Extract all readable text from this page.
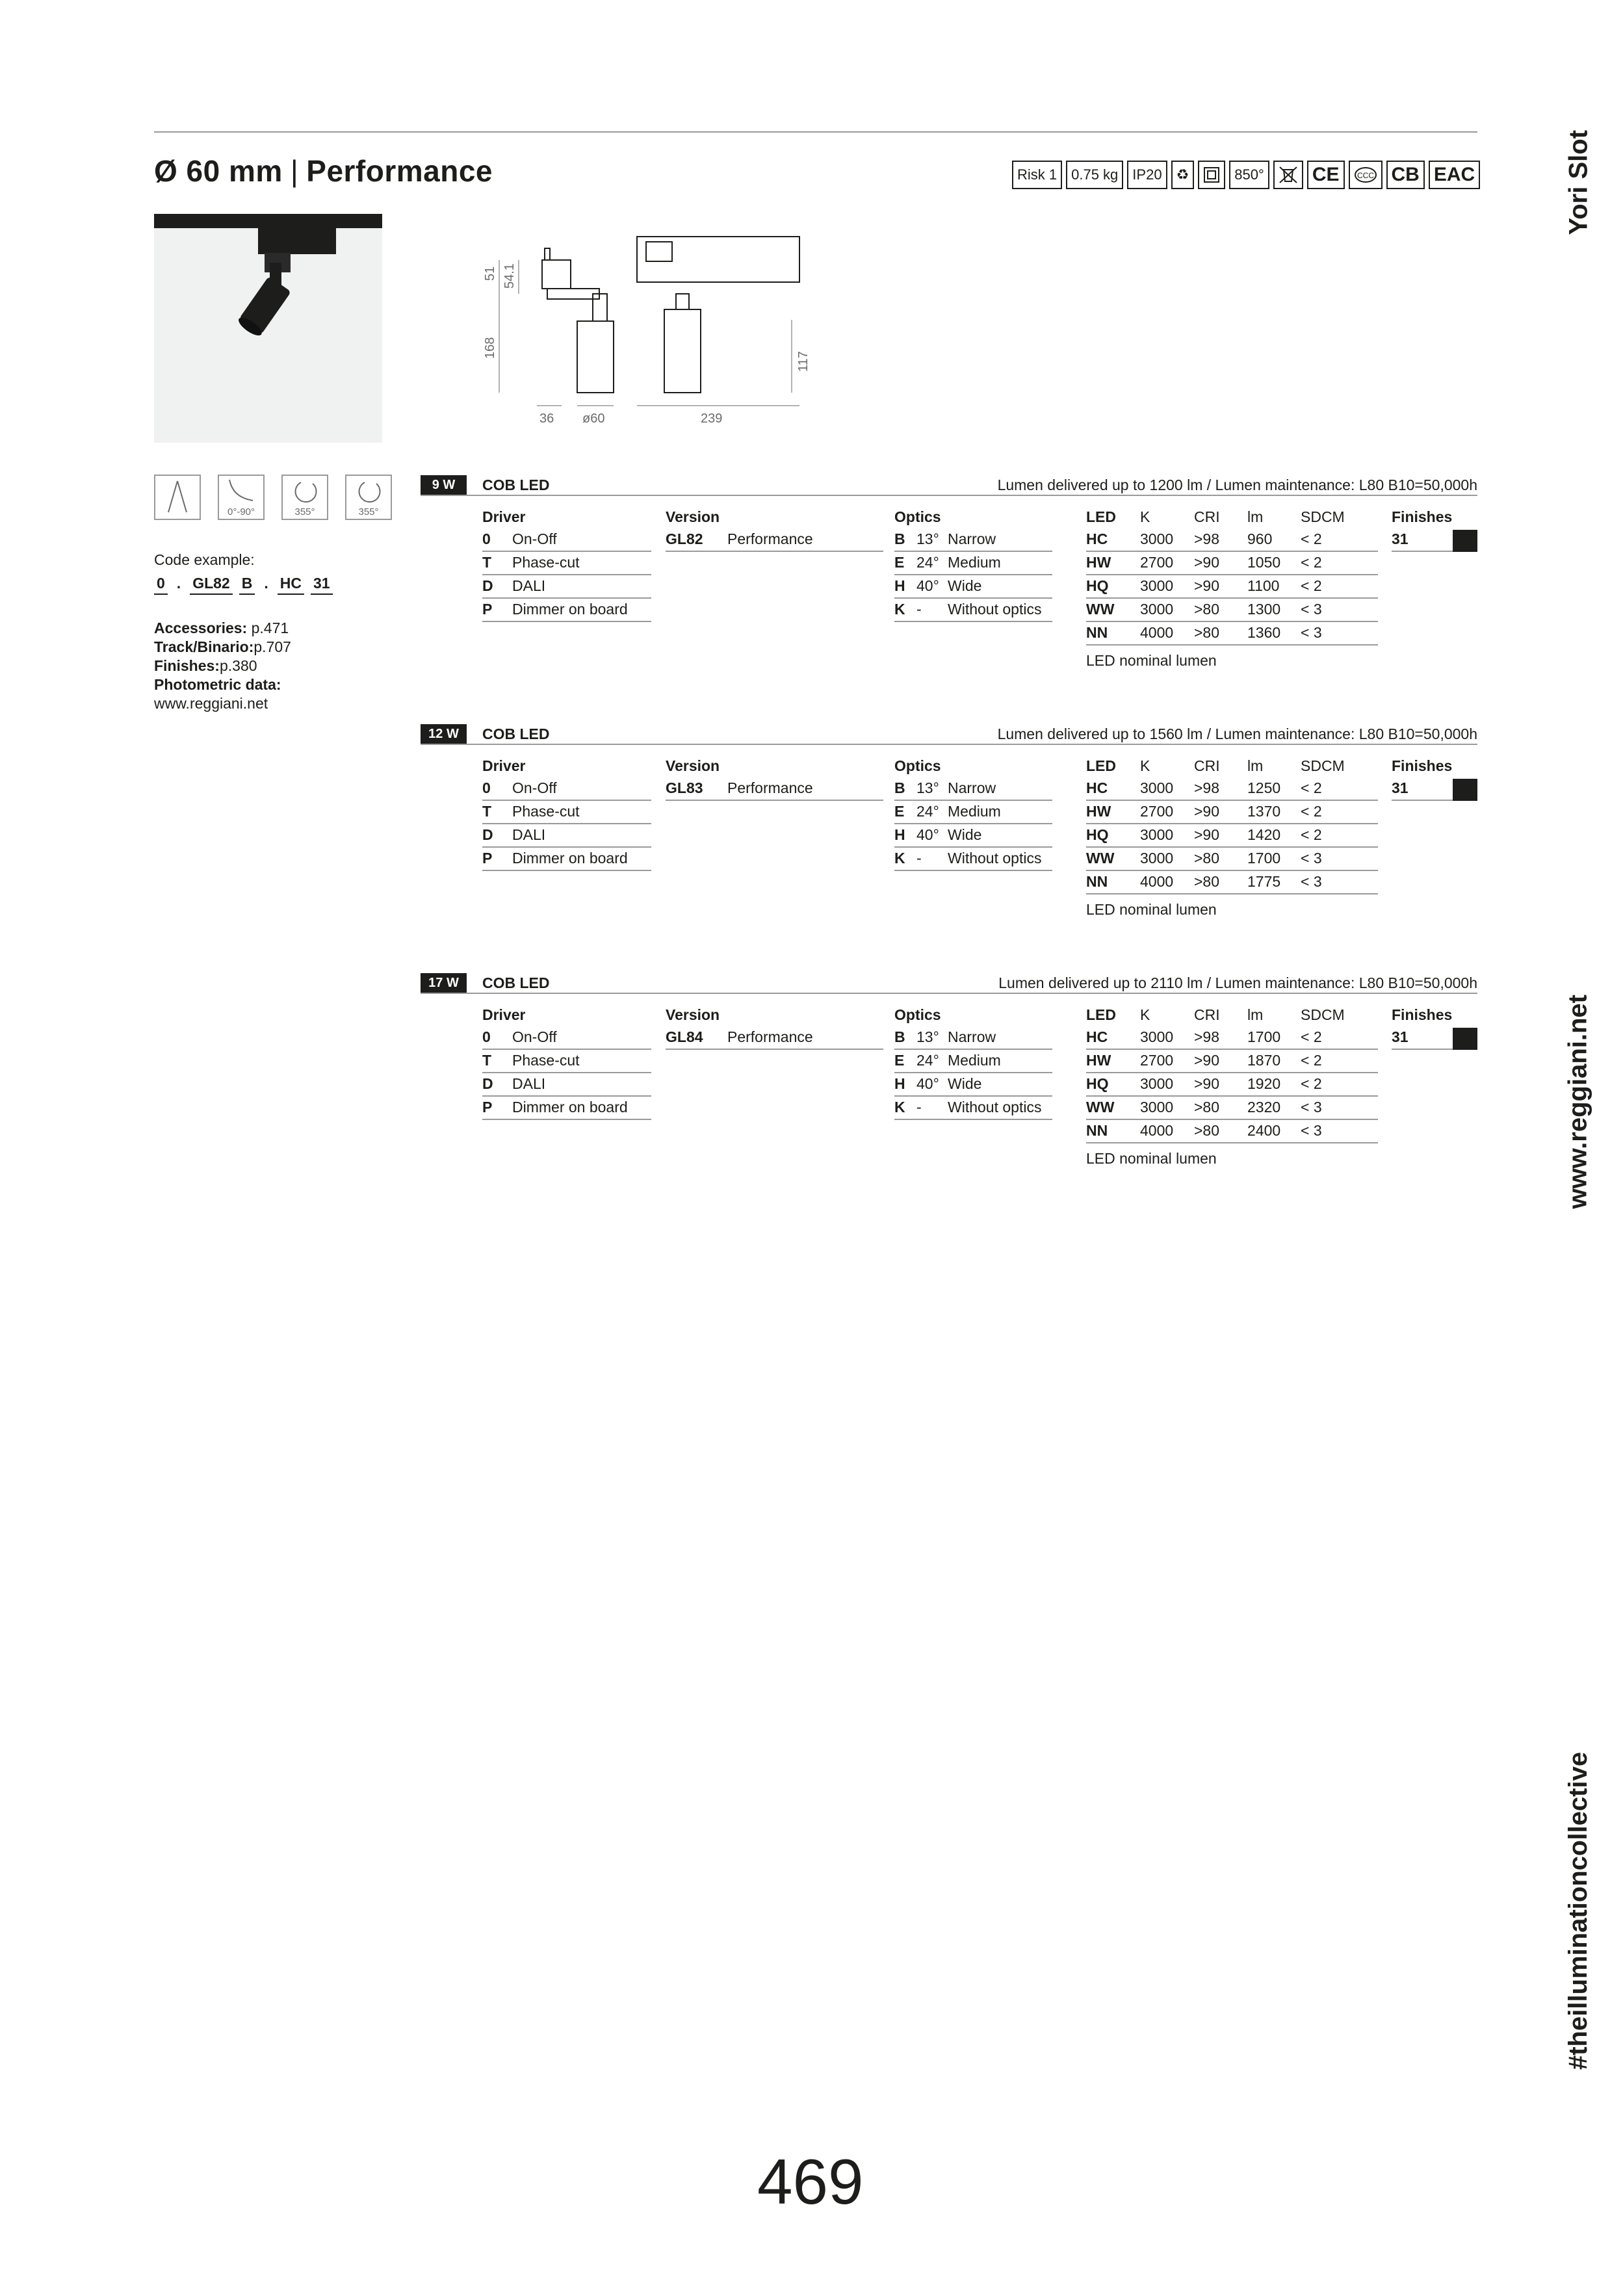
Ø 60 mm | Performance	Risk 1	0.75 kg	IP20	♻	850° CE	CCC CB EAC	Yori Slot
51 54.1
168
117
36 ø60	239
0°-90°	355°	355°
Code example:
0 . GL82 B . HC 31
Accessories: p.471
Track/Binario:p.707
Finishes:p.380
Photometric data:
www.reggiani.net
9 W	COB LED	Lumen delivered up to 1200 lm / Lumen maintenance: L80 B10=50,000h
Driver
0 On-Off
T Phase-cut
D DALI
P Dimmer on board
Version
GL82 Performance
Optics
B 13° Narrow
E 24° Medium
H 40° Wide
K - Without optics
LED K	CRI lm	SDCM
HC 3000 >98 960 < 2
HW 2700 >90 1050 < 2
HQ 3000 >90 1100 < 2
WW 3000 >80 1300 < 3
NN 4000 >80 1360 < 3
LED nominal lumen
Finishes
31
12 W	COB LED	Lumen delivered up to 1560 lm / Lumen maintenance: L80 B10=50,000h
Driver
0 On-Off
T Phase-cut
D DALI
P Dimmer on board
Version
GL83 Performance
Optics
B 13° Narrow
E 24° Medium
H 40° Wide
K - Without optics
LED K	CRI lm	SDCM
HC 3000 >98 1250 < 2
HW 2700 >90 1370 < 2
HQ 3000 >90 1420 < 2
WW 3000 >80 1700 < 3
NN 4000 >80 1775 < 3
LED nominal lumen
Finishes
31
17 W	COB LED	Lumen delivered up to 2110 lm / Lumen maintenance: L80 B10=50,000h
Driver
0 On-Off
T Phase-cut
D DALI
P Dimmer on board
Version
GL84 Performance
Optics
B 13° Narrow
E 24° Medium
H 40° Wide
K - Without optics
LED K	CRI lm	SDCM
HC 3000 >98 1700 < 2
HW 2700 >90 1870 < 2
HQ 3000 >90 1920 < 2
WW 3000 >80 2320 < 3
NN 4000 >80 2400 < 3
LED nominal lumen
Finishes
31	www.reggiani.net
#theilluminationcollective
469
